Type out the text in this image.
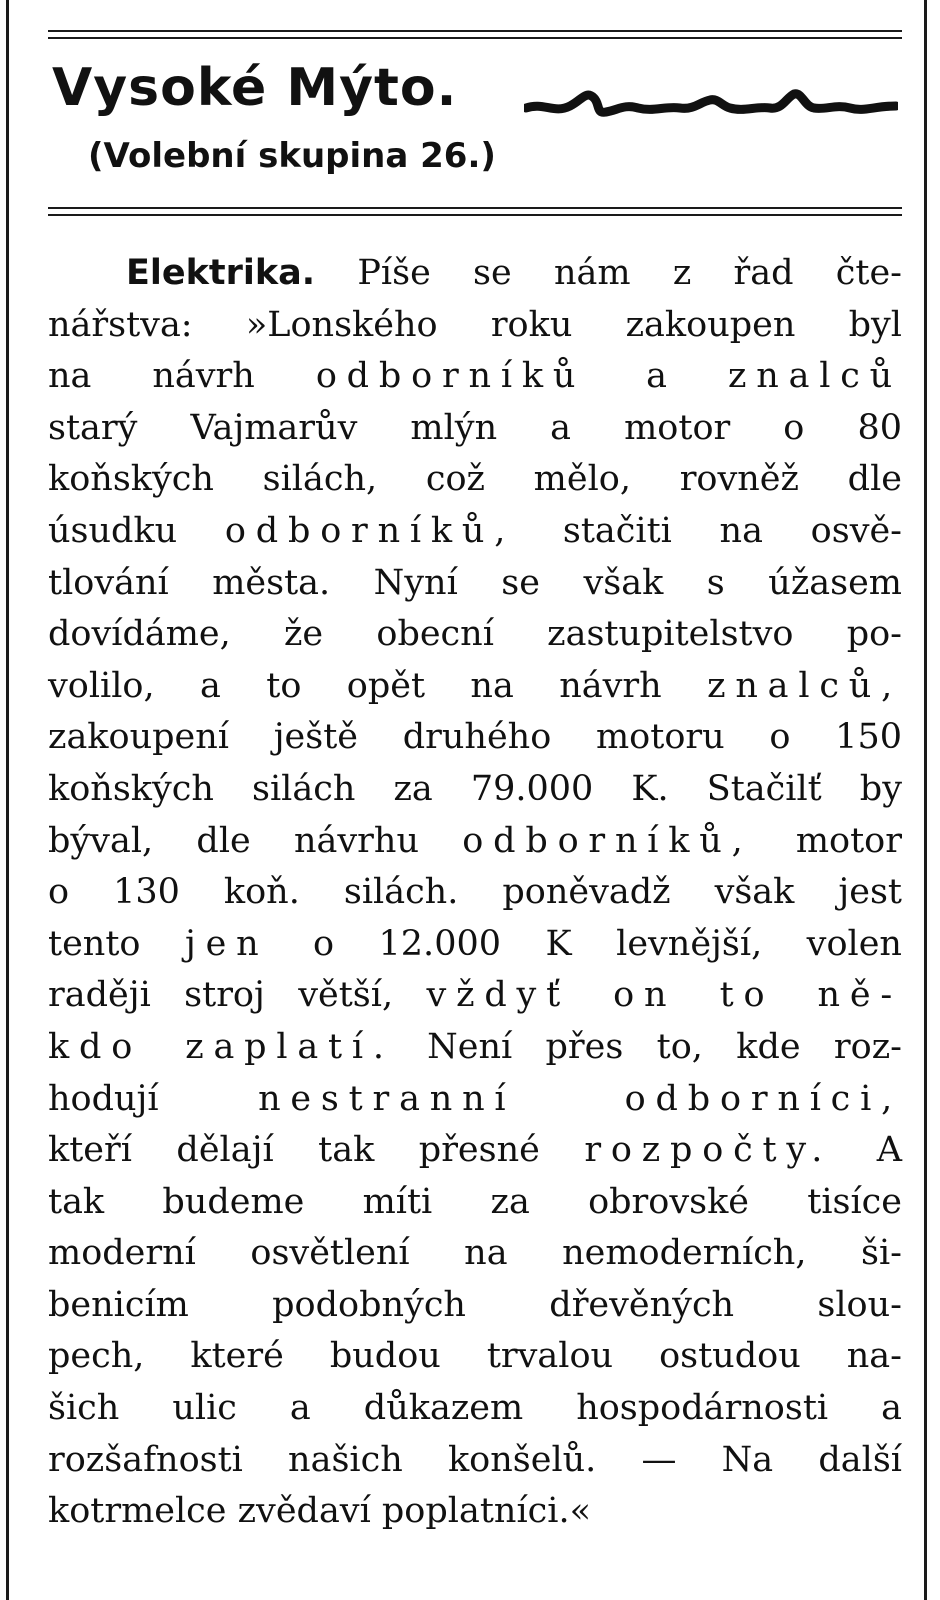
Vysoké Mýto.
(Volební skupina 26.)
Elektrika. Píše se nám z řad čte-
nářstva: »Lonského roku zakoupen byl
na návrh odborníků a znalců
starý Vajmarův mlýn a motor o 80
koňských silách, což mělo, rovněž dle
úsudku odborníků, stačiti na osvě-
tlování města. Nyní se však s úžasem
dovídáme, že obecní zastupitelstvo po-
volilo, a to opět na návrh znalců,
zakoupení ještě druhého motoru o 150
koňských silách za 79.000 K. Stačilť by
býval, dle návrhu odborníků, motor
o 130 koň. silách. poněvadž však jest
tento jen o 12.000 K levnější, volen
raději stroj větší, vždyť on to ně-
kdo zaplatí. Není přes to, kde roz-
hodují nestranní odborníci,
kteří dělají tak přesné rozpočty. A
tak budeme míti za obrovské tisíce
moderní osvětlení na nemoderních, ši-
benicím podobných dřevěných slou-
pech, které budou trvalou ostudou na-
šich ulic a důkazem hospodárnosti a
rozšafnosti našich konšelů. — Na další
kotrmelce zvědaví poplatníci.«
